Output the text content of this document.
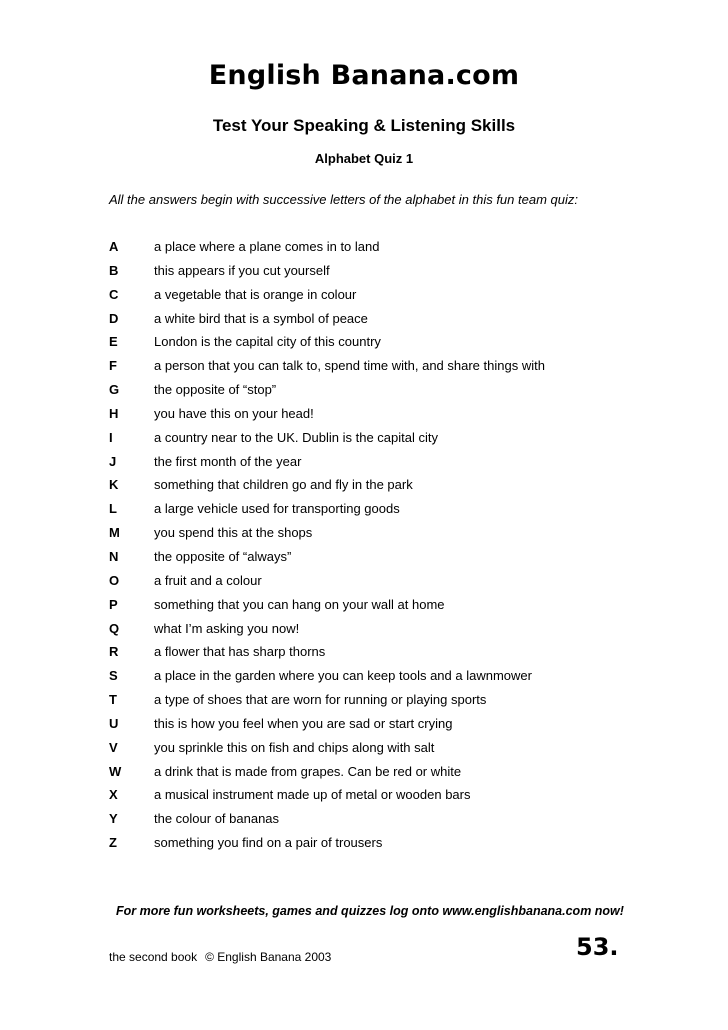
English Banana.com
Test Your Speaking & Listening Skills
Alphabet Quiz 1
All the answers begin with successive letters of the alphabet in this fun team quiz:
A	a place where a plane comes in to land
B	this appears if you cut yourself
C	a vegetable that is orange in colour
D	a white bird that is a symbol of peace
E	London is the capital city of this country
F	a person that you can talk to, spend time with, and share things with
G	the opposite of “stop”
H	you have this on your head!
I	a country near to the UK. Dublin is the capital city
J	the first month of the year
K	something that children go and fly in the park
L	a large vehicle used for transporting goods
M	you spend this at the shops
N	the opposite of “always”
O	a fruit and a colour
P	something that you can hang on your wall at home
Q	what I’m asking you now!
R	a flower that has sharp thorns
S	a place in the garden where you can keep tools and a lawnmower
T	a type of shoes that are worn for running or playing sports
U	this is how you feel when you are sad or start crying
V	you sprinkle this on fish and chips along with salt
W	a drink that is made from grapes. Can be red or white
X	a musical instrument made up of metal or wooden bars
Y	the colour of bananas
Z	something you find on a pair of trousers
For more fun worksheets, games and quizzes log onto www.englishbanana.com now!
the second book © English Banana 2003	53.
